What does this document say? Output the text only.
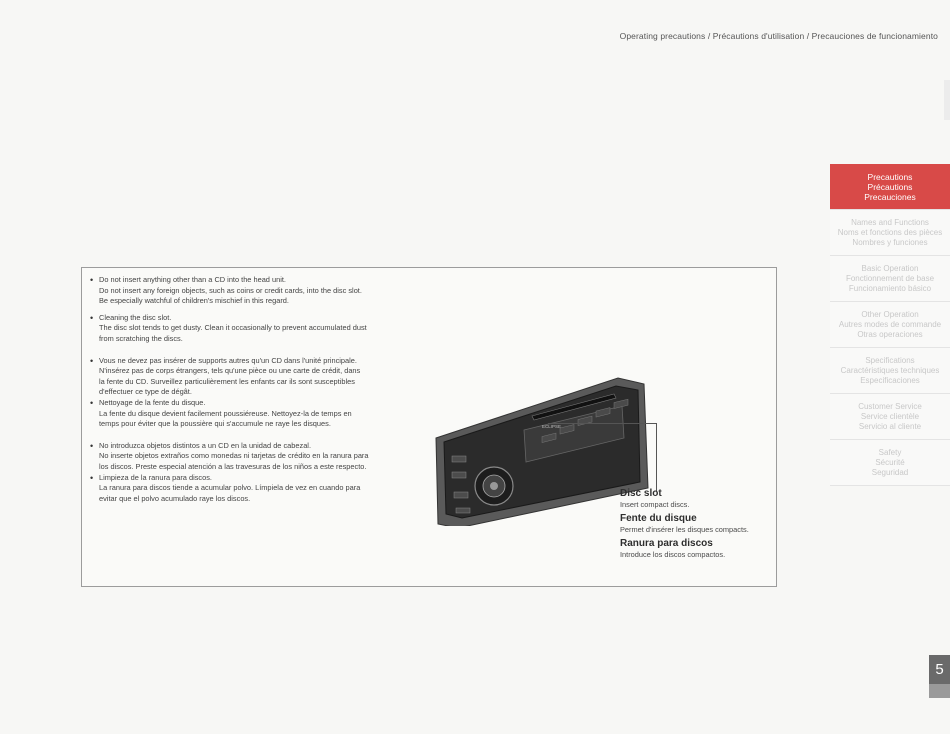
Operating precautions / Précautions d'utilisation / Precauciones de funcionamiento
Precautions
Précautions
Precauciones
Names and Functions
Noms et fonctions des pièces
Nombres y funciones
Basic Operation
Fonctionnement de base
Funcionamiento básico
Other Operation
Autres modes de commande
Otras operaciones
Specifications
Caractéristiques techniques
Especificaciones
Customer Service
Service clientèle
Servicio al cliente
Safety
Sécurité
Seguridad

• Do not insert anything other than a CD into the head unit.

Do not insert any foreign objects, such as coins or credit cards, into the disc slot.

Be especially watchful of children's mischief in this regard.

• Cleaning the disc slot.

The disc slot tends to get dusty. Clean it occasionally to prevent accumulated dust

from scratching the discs.

• Vous ne devez pas insérer de supports autres qu'un CD dans l'unité principale.

N'insérez pas de corps étrangers, tels qu'une pièce ou une carte de crédit, dans

la fente du CD. Surveillez particulièrement les enfants car ils sont susceptibles

d'effectuer ce type de dégât.

• Nettoyage de la fente du disque.

La fente du disque devient facilement poussiéreuse. Nettoyez-la de temps en

temps pour éviter que la poussière qui s'accumule ne raye les disques.

• No introduzca objetos distintos a un CD en la unidad de cabezal.

No inserte objetos extraños como monedas ni tarjetas de crédito en la ranura para

los discos. Preste especial atención a las travesuras de los niños a este respecto.

• Limpieza de la ranura para discos.

La ranura para discos tiende a acumular polvo. Límpiela de vez en cuando para

evitar que el polvo acumulado raye los discos.

ECLIPSE

Disc slot

Insert compact discs.

Fente du disque

Permet d'insérer les disques compacts.

Ranura para discos

Introduce los discos compactos.

5
